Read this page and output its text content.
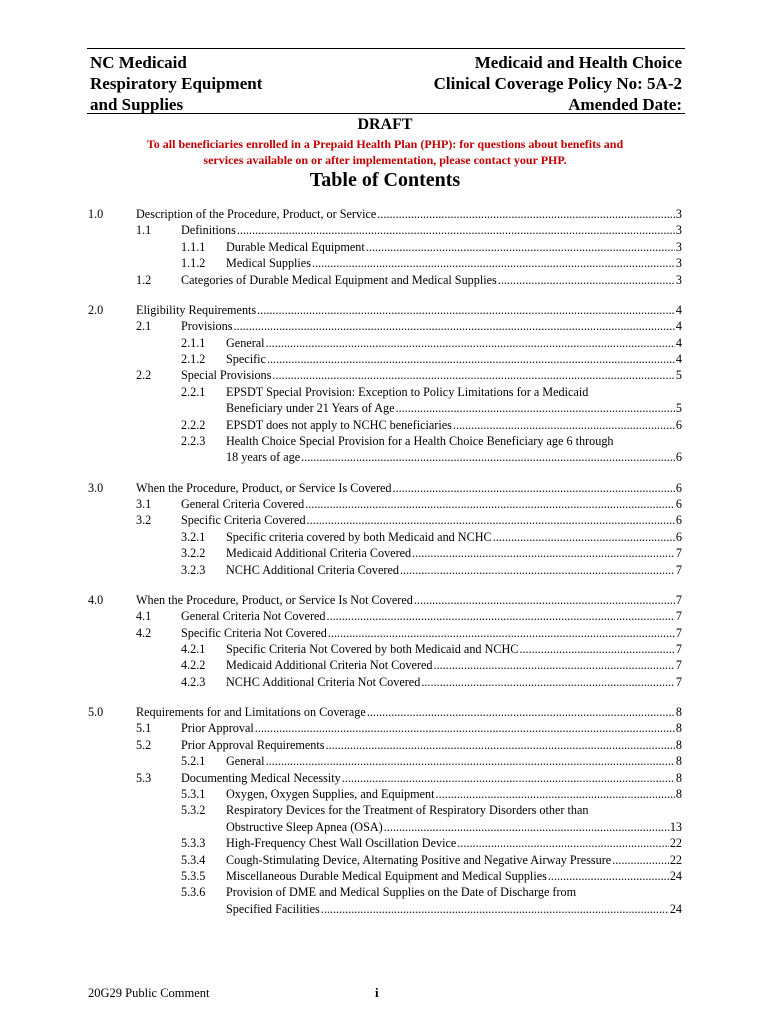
NC Medicaid
Respiratory Equipment
and Supplies
Medicaid and Health Choice
Clinical Coverage Policy No: 5A-2
Amended Date:
DRAFT
To all beneficiaries enrolled in a Prepaid Health Plan (PHP): for questions about benefits and
services available on or after implementation, please contact your PHP.
Table of Contents
1.0	Description of the Procedure, Product, or Service .....	3
1.1 Definitions .....	3
1.1.1 Durable Medical Equipment .....	3
1.1.2 Medical Supplies .....	3
1.2 Categories of Durable Medical Equipment and Medical Supplies .....	3
2.0	Eligibility Requirements .....	4
2.1 Provisions .....	4
2.1.1 General .....	4
2.1.2 Specific .....	4
2.2 Special Provisions .....	5
2.2.1 EPSDT Special Provision: Exception to Policy Limitations for a Medicaid
Beneficiary under 21 Years of Age .....	5
2.2.2 EPSDT does not apply to NCHC beneficiaries .....	6
2.2.3 Health Choice Special Provision for a Health Choice Beneficiary age 6 through
18 years of age .....	6
3.0	When the Procedure, Product, or Service Is Covered .....	6
3.1 General Criteria Covered .....	6
3.2 Specific Criteria Covered .....	6
3.2.1 Specific criteria covered by both Medicaid and NCHC .....	6
3.2.2 Medicaid Additional Criteria Covered .....	7
3.2.3 NCHC Additional Criteria Covered .....	7
4.0	When the Procedure, Product, or Service Is Not Covered .....	7
4.1 General Criteria Not Covered .....	7
4.2 Specific Criteria Not Covered .....	7
4.2.1 Specific Criteria Not Covered by both Medicaid and NCHC .....	7
4.2.2 Medicaid Additional Criteria Not Covered .....	7
4.2.3 NCHC Additional Criteria Not Covered .....	7
5.0	Requirements for and Limitations on Coverage .....	8
5.1 Prior Approval .....	8
5.2 Prior Approval Requirements .....	8
5.2.1 General .....	8
5.3 Documenting Medical Necessity .....	8
5.3.1 Oxygen, Oxygen Supplies, and Equipment .....	8
5.3.2 Respiratory Devices for the Treatment of Respiratory Disorders other than
Obstructive Sleep Apnea (OSA) .....	13
5.3.3 High-Frequency Chest Wall Oscillation Device .....	22
5.3.4 Cough-Stimulating Device, Alternating Positive and Negative Airway Pressure .....	22
5.3.5 Miscellaneous Durable Medical Equipment and Medical Supplies .....	24
5.3.6 Provision of DME and Medical Supplies on the Date of Discharge from
Specified Facilities .....	24
20G29 Public Comment	i
